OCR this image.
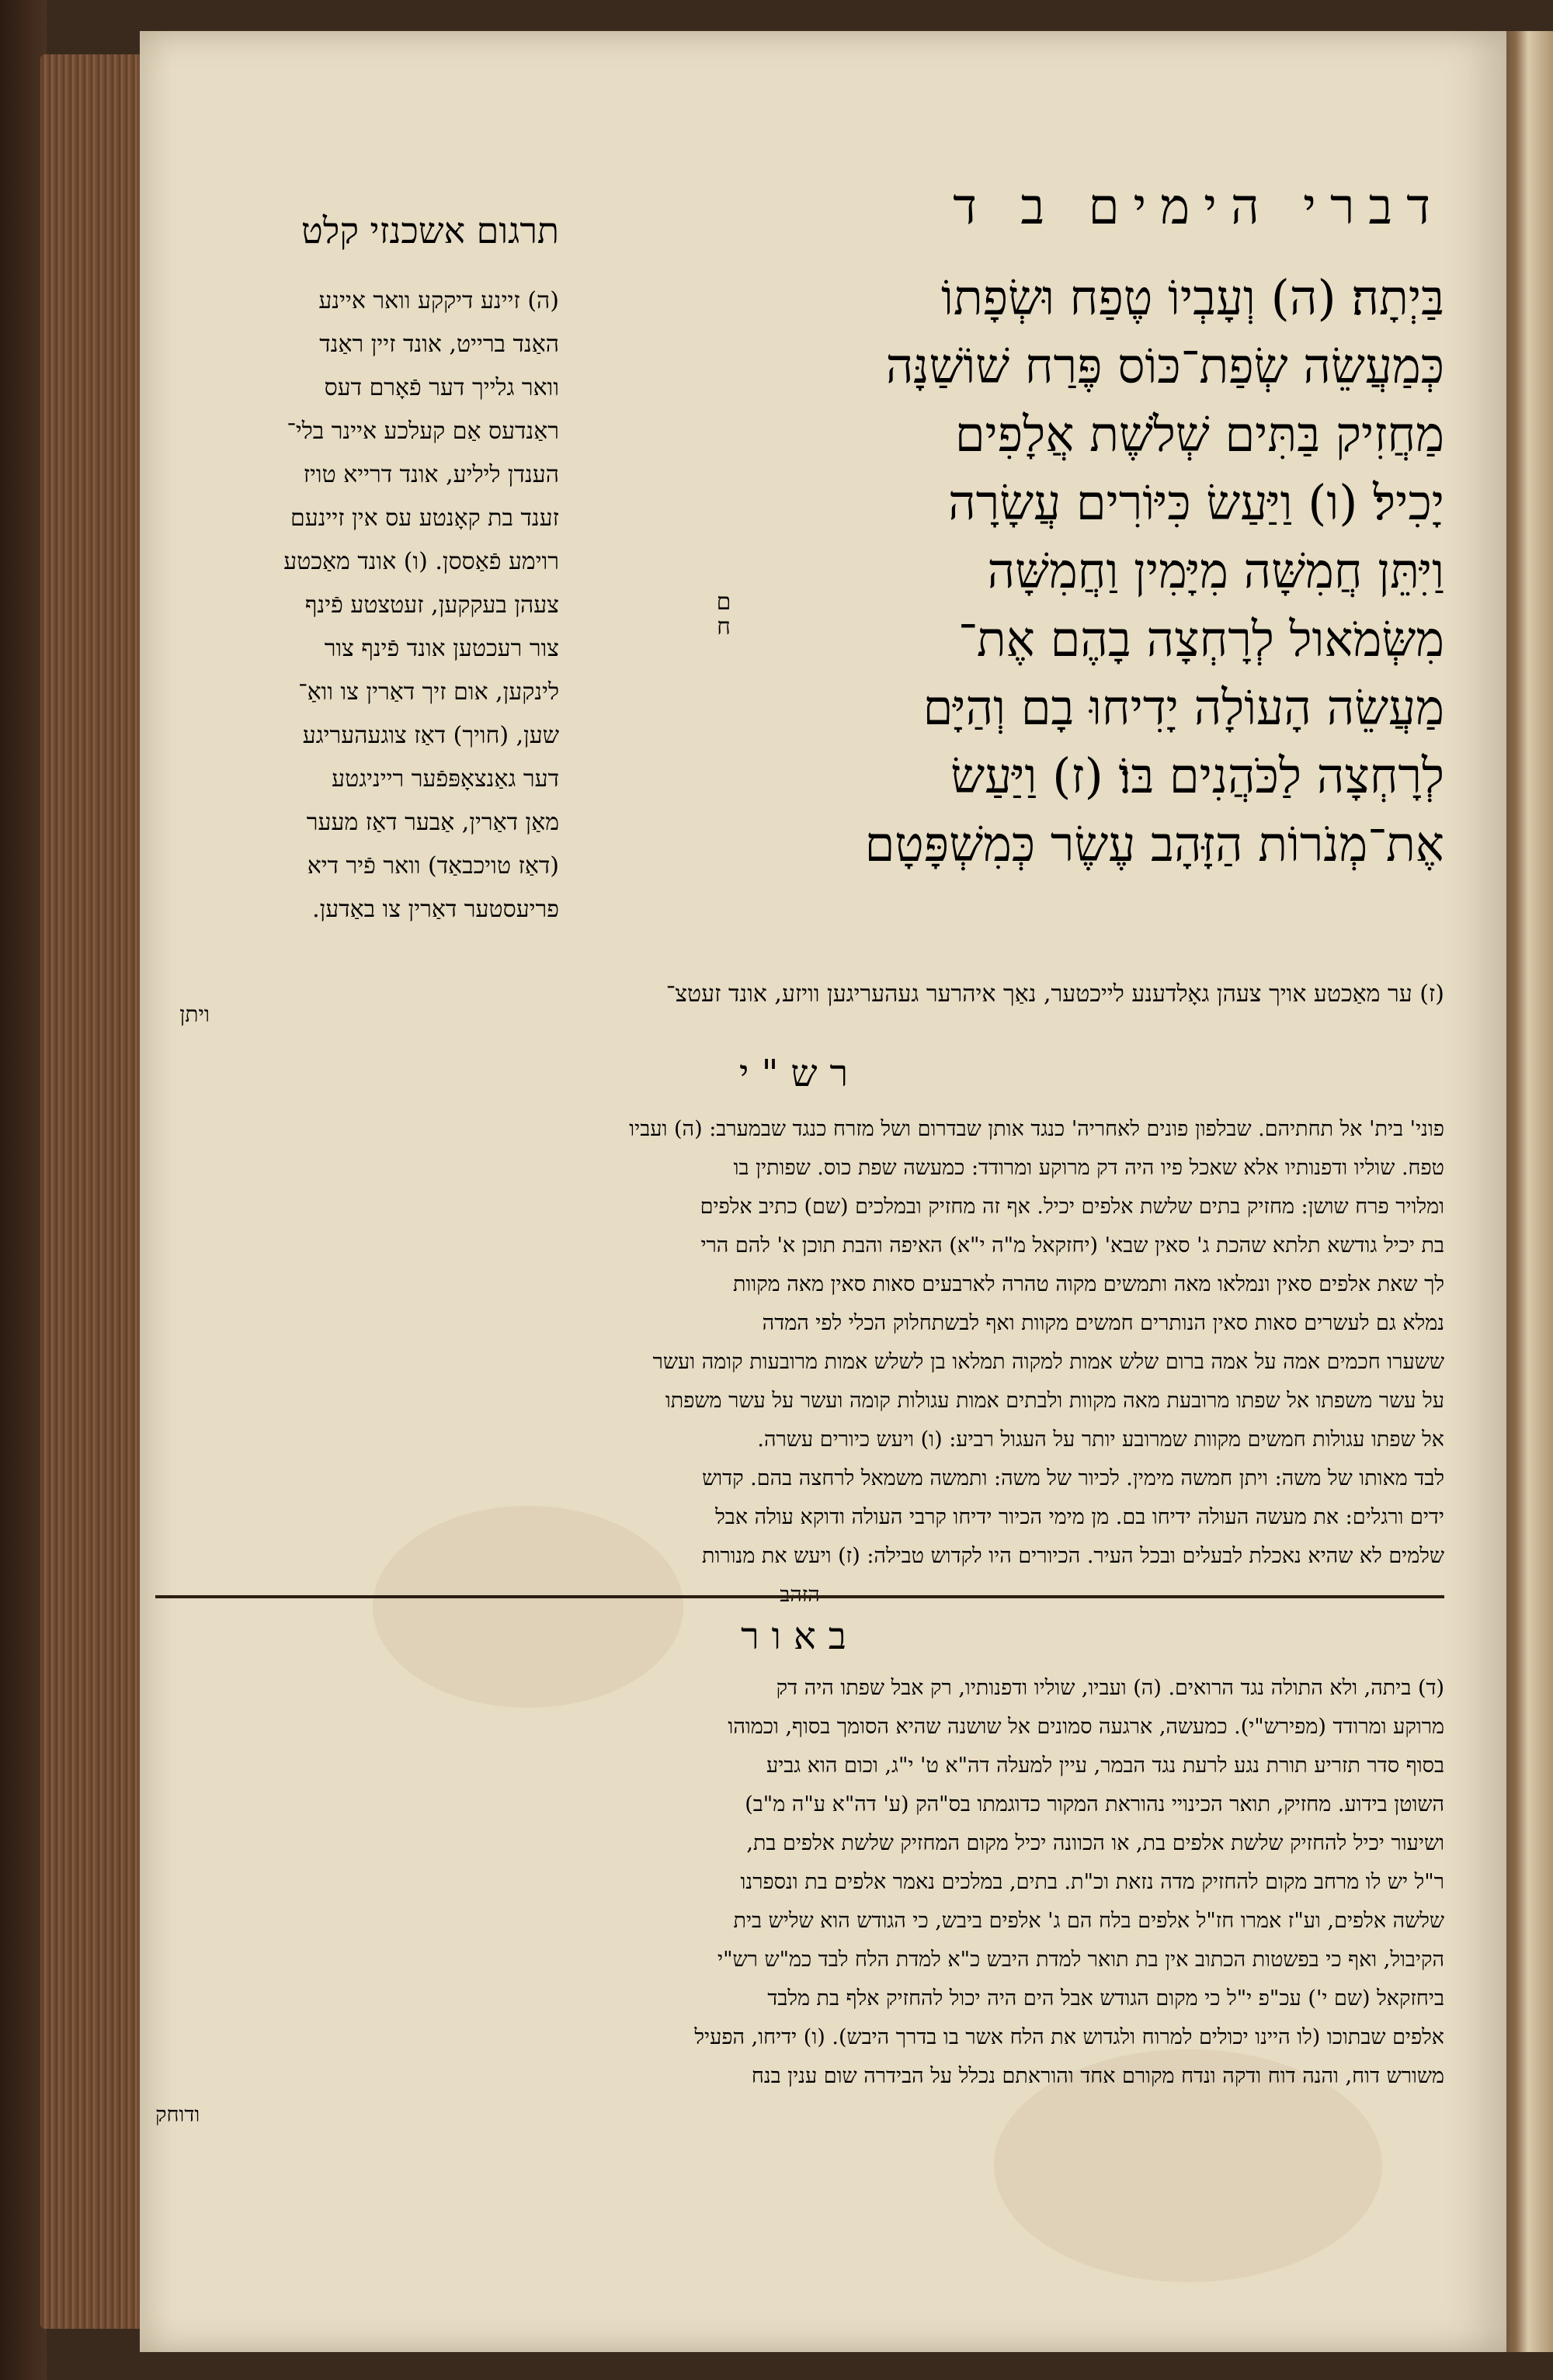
דברי הימים ב ד
תרגום אשכנזי קלט

בַּיְתָה׃ (ה) וְעָבְיוֹ טֶפַח וּשְׂפָתוֹ

כְּמַעֲשֵׂה שְׂפַת־כּוֹס פֶּרַח שׁוֹשַׁנָּה

מַחֲזִיק בַּתִּים שְׁלֹשֶׁת אֲלָפִים

יָכִיל׃ (ו) וַיַּעַשׂ כִּיּוֹרִים עֲשָׂרָה

וַיִּתֵּן חֲמִשָּׁה מִיָּמִין וַחֲמִשָּׁה

מִשְּׂמֹאול לְרָחְצָה בָהֶם אֶת־

מַעֲשֵׂה הָעוֹלָה יָדִיחוּ בָם וְהַיָּם

לְרָחְצָה לַכֹּהֲנִים בּוֹ׃ (ז) וַיַּעַשׂ

אֶת־מְנֹרוֹת הַזָּהָב עֶשֶׂר כְּמִשְׁפָּטָם

ם ח

(ה) זיינע דיקקע וואר איינע

האַנד ברייט, אונד זיין ראַנד

וואר גלייך דער פֿאָרם דעס

ראַנדעס אַם קעלכע איינר בלי־

הענדן ליליע, אונד דרייא טויז

זענד בת קאָנטע עס אין זיינעם

רוימע פֿאַססן. (ו) אונד מאַכטע

צעהן בעקקען, זעטצטע פֿינף

צור רעכטען אונד פֿינף צור

לינקען, אום זיך דאַרין צו וואַ־

שען, (חויך) דאַז צוגעהעריגע

דער גאַנצאָפּפֿער רייניגטע

מאַן דאַרין, אַבער דאַז מעער

(דאַז טויכבאַד) וואר פֿיר דיא

פריעסטער דאַרין צו באַדען.

ויתן
(ז) ער מאַכטע אויך צעהן גאָלדענע לייכטער, נאַך איהרער געהעריגען וויזע, אונד זעטצ־
רש"י

פוני' בית' אל תחתיהם. שבלפון פונים לאחריה' כנגד אותן שבדרום ושל מזרח כנגד שבמערב: (ה) ועביו

טפח. שוליו ודפנותיו אלא שאכל פיו היה דק מרוקע ומרודד: כמעשה שפת כוס. שפותין בו

ומלויר פרח שושן: מחזיק בתים שלשת אלפים יכיל. אף זה מחזיק ובמלכים (שם) כתיב אלפים

בת יכיל גודשא תלתא שהכת ג' סאין שבא' (יחזקאל מ"ה י"א) האיפה והבת תוכן א' להם הרי

לך שאת אלפים סאין ונמלאו מאה ותמשים מקוה טהרה לארבעים סאות סאין מאה מקוות

נמלא גם לעשרים סאות סאין הנותרים חמשים מקוות ואף לבשתחלוק הכלי לפי המדה

ששערו חכמים אמה על אמה ברום שלש אמות למקוה תמלאו בן לשלש אמות מרובעות קומה ועשר

על עשר משפתו אל שפתו מרובעת מאה מקוות ולבתים אמות עגולות קומה ועשר על עשר משפתו

אל שפתו עגולות חמשים מקוות שמרובע יותר על העגול רביע: (ו) ויעש כיורים עשרה.

לבד מאותו של משה: ויתן חמשה מימין. לכיור של משה: ותמשה משמאל לרחצה בהם. קדוש

ידים ורגלים: את מעשה העולה ידיחו בם. מן מימי הכיור ידיחו קרבי העולה ודוקא עולה אבל

שלמים לא שהיא נאכלת לבעלים ובכל העיר. הכיורים היו לקדוש טבילה: (ז) ויעש את מנורות

באור

(ד) ביתה, ולא התולה נגד הרואים. (ה) ועביו, שוליו ודפנותיו, רק אבל שפתו היה דק

מרוקע ומרודד (מפירש"י). כמעשה, ארגעה סמונים אל שושנה שהיא הסומך בסוף, וכמוהו

בסוף סדר תזריע תורת נגע לרעת נגד הבמר, עיין למעלה דה"א ט' י"ג, וכום הוא גביע

השוטן בידוע. מחזיק, תואר הכינויי נהוראת המקור כדוגמתו בס"הק (ע' דה"א ע"ה מ"ב)

ושיעור יכיל להחזיק שלשת אלפים בת, או הכוונה יכיל מקום המחזיק שלשת אלפים בת,

ר"ל יש לו מרחב מקום להחזיק מדה נזאת וכ"ת. בתים, במלכים נאמר אלפים בת ונספרנו

שלשה אלפים, וע"ז אמרו חז"ל אלפים בלח הם ג' אלפים ביבש, כי הגודש הוא שליש בית

הקיבול, ואף כי בפשטות הכתוב אין בת תואר למדת היבש כ"א למדת הלח לבד כמ"ש רש"י

ביחזקאל (שם י') עכ"פ י"ל כי מקום הגודש אבל הים היה יכול להחזיק אלף בת מלבד

אלפים שבתוכו (לו היינו יכולים למרוח ולגדוש את הלח אשר בו בדרך היבש). (ו) ידיחו, הפעיל

משורש דוח, והנה דוח ודקה ונדח מקורם אחד והוראתם נכלל על הבידרה שום ענין בנח

ודוחק
